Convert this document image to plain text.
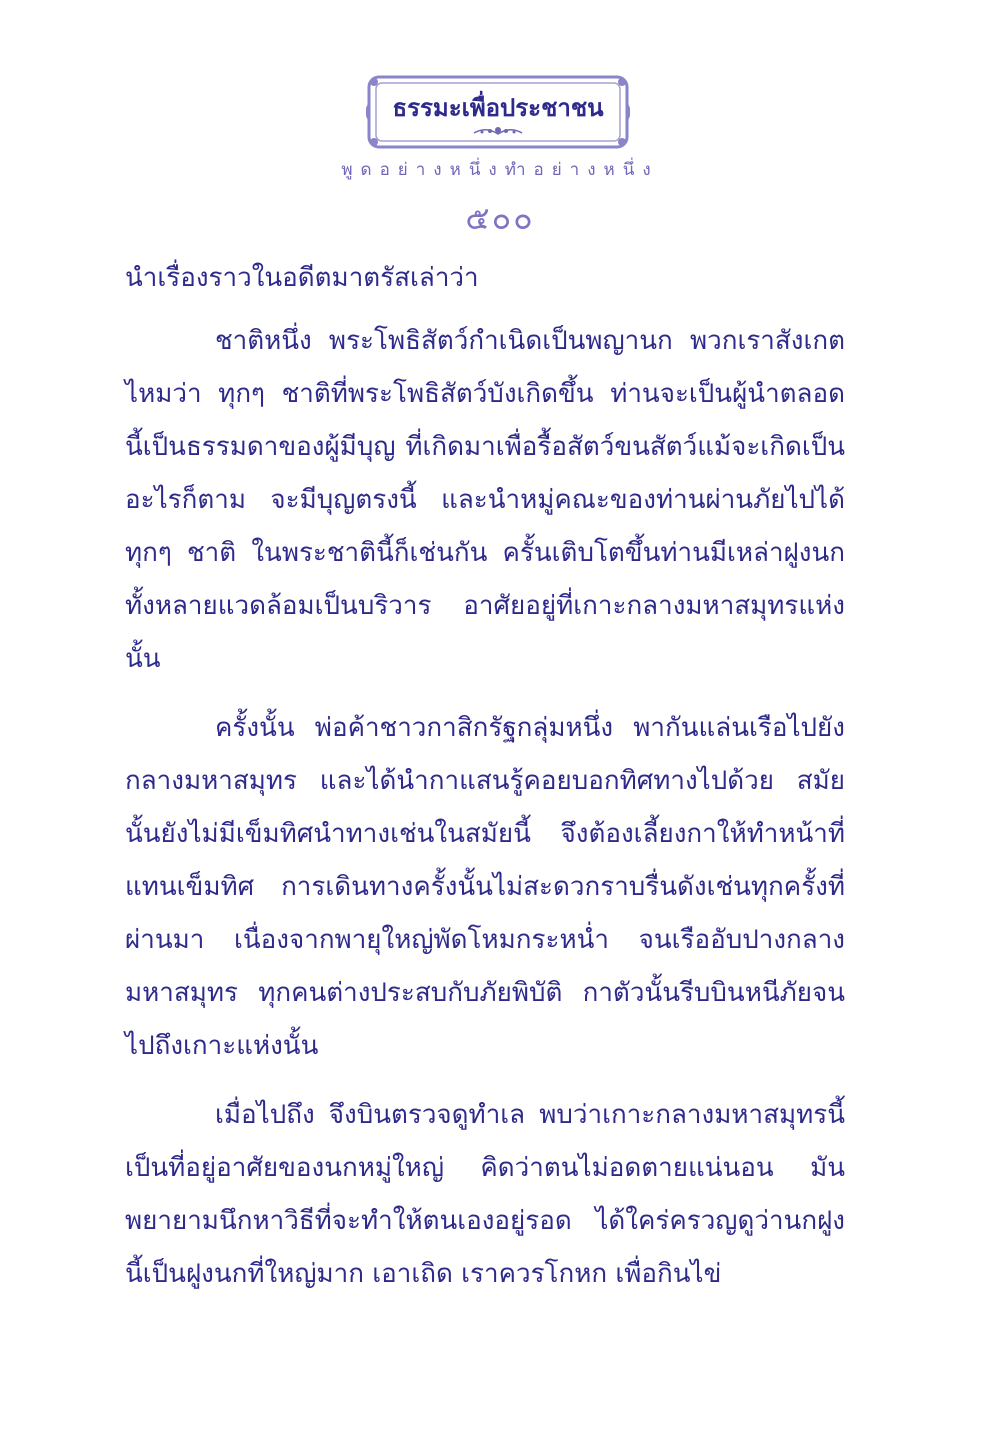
ธรรมะเพื่อประชาชน
พูดอย่างหนึ่งทำอย่างหนึ่ง
๕๐๐

นำเรื่องราวในอดีตมาตรัสเล่าว่า

ชาติหนึ่ง พระโพธิสัตว์กำเนิดเป็นพญานก พวกเราสังเกตไหมว่า ทุกๆ ชาติที่พระโพธิสัตว์บังเกิดขึ้น ท่านจะเป็นผู้นำตลอด นี้เป็นธรรมดาของผู้มีบุญ ที่เกิดมาเพื่อรื้อสัตว์ขนสัตว์แม้จะเกิดเป็นอะไรก็ตาม จะมีบุญตรงนี้ และนำหมู่คณะของท่านผ่านภัยไปได้ทุกๆ ชาติ ในพระชาตินี้ก็เช่นกัน ครั้นเติบโตขึ้นท่านมีเหล่าฝูงนกทั้งหลายแวดล้อมเป็นบริวาร อาศัยอยู่ที่เกาะกลางมหาสมุทรแห่งนั้น

ครั้งนั้น พ่อค้าชาวกาสิกรัฐกลุ่มหนึ่ง พากันแล่นเรือไปยังกลางมหาสมุทร และได้นำกาแสนรู้คอยบอกทิศทางไปด้วย สมัยนั้นยังไม่มีเข็มทิศนำทางเช่นในสมัยนี้ จึงต้องเลี้ยงกาให้ทำหน้าที่แทนเข็มทิศ การเดินทางครั้งนั้นไม่สะดวกราบรื่นดังเช่นทุกครั้งที่ผ่านมา เนื่องจากพายุใหญ่พัดโหมกระหน่ำ จนเรืออับปางกลางมหาสมุทร ทุกคนต่างประสบกับภัยพิบัติ กาตัวนั้นรีบบินหนีภัยจนไปถึงเกาะแห่งนั้น

เมื่อไปถึง จึงบินตรวจดูทำเล พบว่าเกาะกลางมหาสมุทรนี้เป็นที่อยู่อาศัยของนกหมู่ใหญ่ คิดว่าตนไม่อดตายแน่นอน มันพยายามนึกหาวิธีที่จะทำให้ตนเองอยู่รอด ได้ใคร่ครวญดูว่านกฝูงนี้เป็นฝูงนกที่ใหญ่มาก เอาเถิด เราควรโกหก เพื่อกินไข่
